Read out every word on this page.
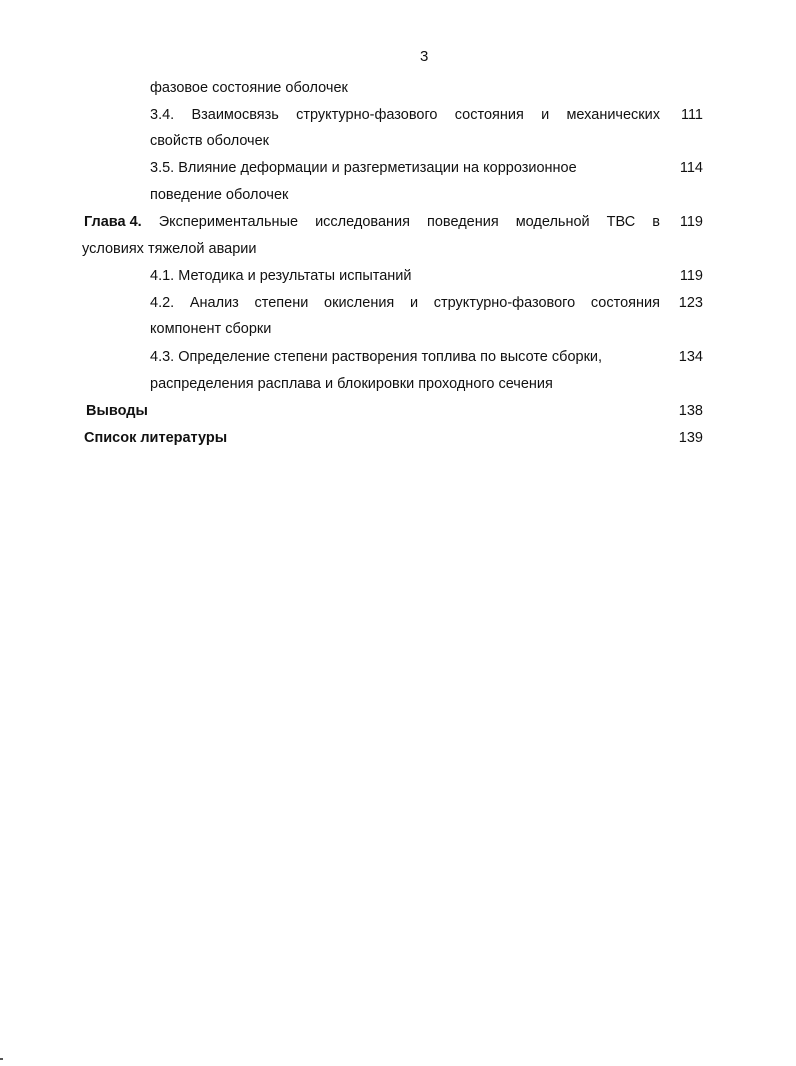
3
фазовое состояние оболочек
3.4. Взаимосвязь структурно-фазового состояния и механических	111
свойств оболочек
3.5. Влияние деформации и разгерметизации на коррозионное	114
поведение оболочек
Глава 4. Экспериментальные исследования поведения модельной ТВС в	119
условиях тяжелой аварии
4.1. Методика и результаты испытаний	119
4.2. Анализ степени окисления и структурно-фазового состояния 123
компонент сборки
4.3. Определение степени растворения топлива по высоте сборки,	134
распределения расплава и блокировки проходного сечения
Выводы	138
Список литературы	139
